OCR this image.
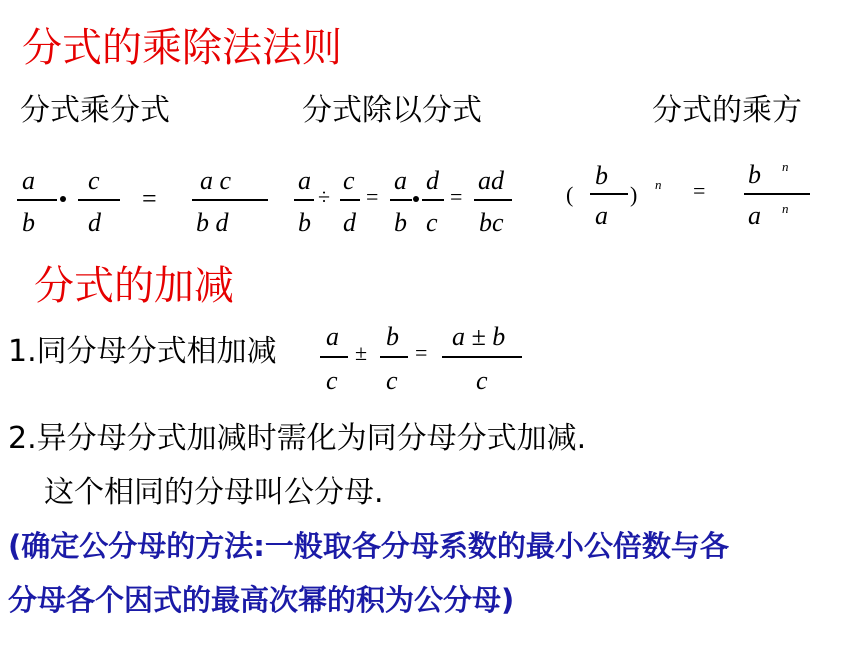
分式的乘除法法则
分式乘分式	分式除以分式	分式的乘方
a
b
c
d
=
a c
b d
a
b
÷
c
d
=
a
b
d
c
=
ad
bc
(
b
a
) n =
b n
a n
分式的加减
1.同分母分式相加减 a
c
±
b
c
=
a ± b
c
2.异分母分式加减时需化为同分母分式加减.
这个相同的分母叫公分母.
(确定公分母的方法:一般取各分母系数的最小公倍数与各
分母各个因式的最高次幂的积为公分母)
